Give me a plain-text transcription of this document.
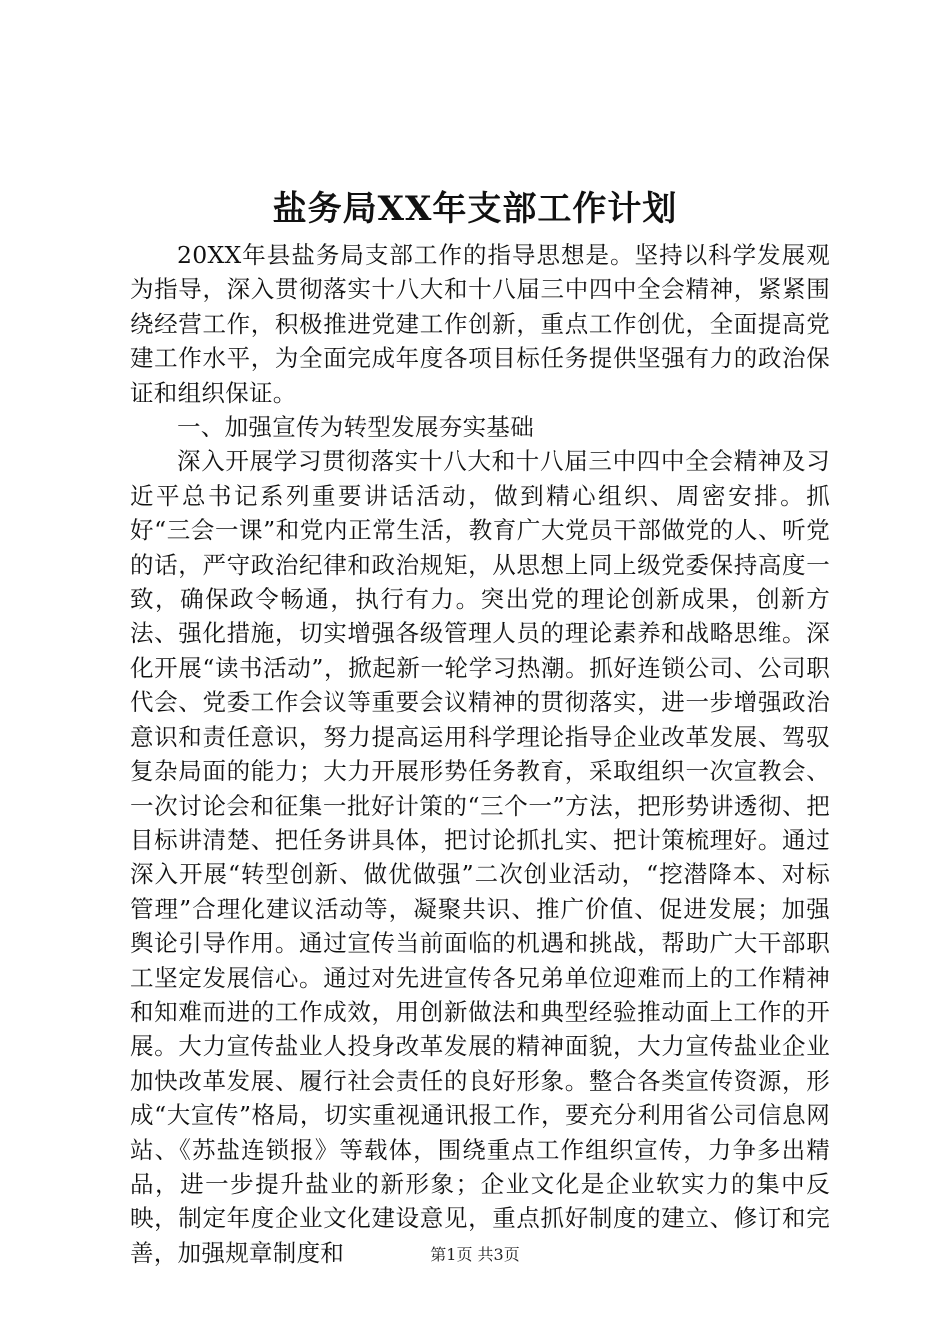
盐务局XX年支部工作计划

20XX年县盐务局支部工作的指导思想是。坚持以科学发展观为指导，深入贯彻落实十八大和十八届三中四中全会精神，紧紧围绕经营工作，积极推进党建工作创新，重点工作创优，全面提高党建工作水平，为全面完成年度各项目标任务提供坚强有力的政治保证和组织保证。

一、加强宣传为转型发展夯实基础

深入开展学习贯彻落实十八大和十八届三中四中全会精神及习近平总书记系列重要讲话活动，做到精心组织、周密安排。抓好“三会一课”和党内正常生活，教育广大党员干部做党的人、听党的话，严守政治纪律和政治规矩，从思想上同上级党委保持高度一致，确保政令畅通，执行有力。突出党的理论创新成果，创新方法、强化措施，切实增强各级管理人员的理论素养和战略思维。深化开展“读书活动”，掀起新一轮学习热潮。抓好连锁公司、公司职代会、党委工作会议等重要会议精神的贯彻落实，进一步增强政治意识和责任意识，努力提高运用科学理论指导企业改革发展、驾驭复杂局面的能力；大力开展形势任务教育，采取组织一次宣教会、一次讨论会和征集一批好计策的“三个一”方法，把形势讲透彻、把目标讲清楚、把任务讲具体，把讨论抓扎实、把计策梳理好。通过深入开展“转型创新、做优做强”二次创业活动，“挖潜降本、对标管理”合理化建议活动等，凝聚共识、推广价值、促进发展；加强舆论引导作用。通过宣传当前面临的机遇和挑战，帮助广大干部职工坚定发展信心。通过对先进宣传各兄弟单位迎难而上的工作精神和知难而进的工作成效，用创新做法和典型经验推动面上工作的开展。大力宣传盐业人投身改革发展的精神面貌，大力宣传盐业企业加快改革发展、履行社会责任的良好形象。整合各类宣传资源，形成“大宣传”格局，切实重视通讯报工作，要充分利用省公司信息网站、《苏盐连锁报》等载体，围绕重点工作组织宣传，力争多出精品，进一步提升盐业的新形象；企业文化是企业软实力的集中反映，制定年度企业文化建设意见，重点抓好制度的建立、修订和完善，加强规章制度和	第1页 共3页
